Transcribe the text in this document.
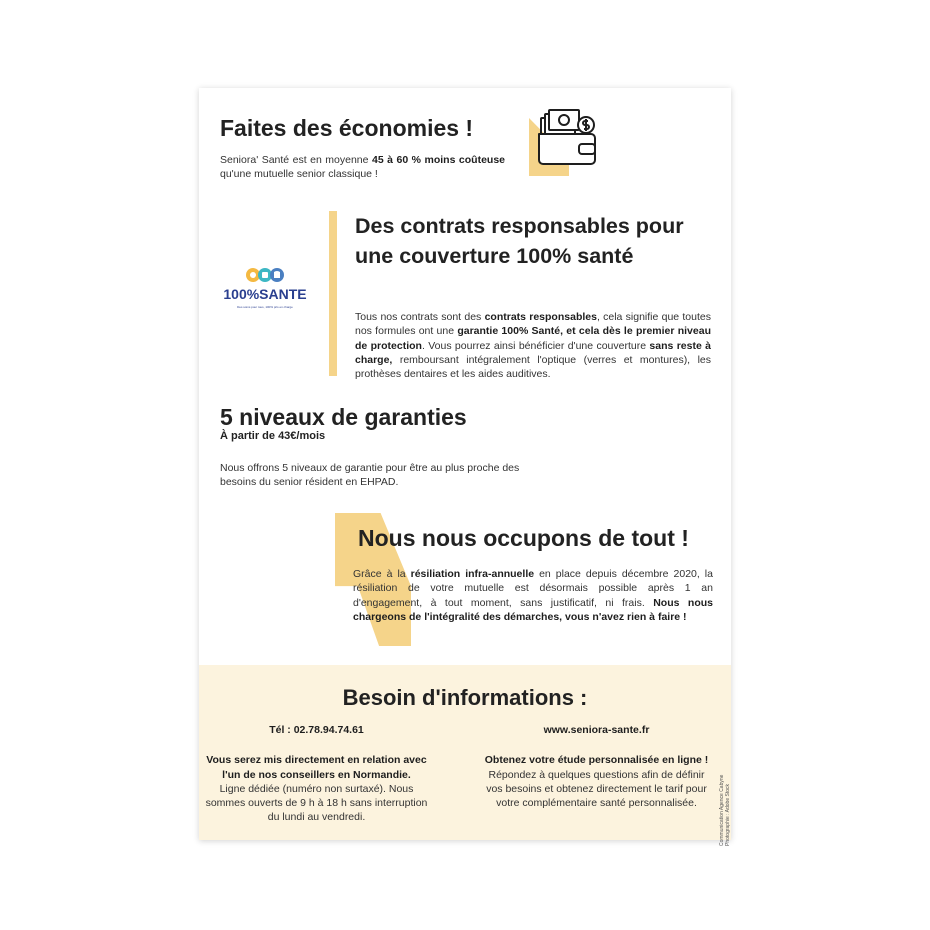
Faites des économies !

Seniora' Santé est en moyenne 45 à 60 % moins coûteuse qu'une mutuelle senior classique !

100%SANTE
Des soins pour tous, 100% pris en charge
Des contrats responsables pour une couverture 100% santé

Tous nos contrats sont des contrats responsables, cela signifie que toutes nos formules ont une garantie 100% Santé, et cela dès le premier niveau de protection. Vous pourrez ainsi bénéficier d'une couverture sans reste à charge, remboursant intégralement l'optique (verres et montures), les prothèses dentaires et les aides auditives.

5 niveaux de garanties

À partir de 43€/mois

Nous offrons 5 niveaux de garantie pour être au plus proche des besoins du senior résident en EHPAD.

Nous nous occupons de tout !

Grâce à la résiliation infra-annuelle en place depuis décembre 2020, la résiliation de votre mutuelle est désormais possible après 1 an d'engagement, à tout moment, sans justificatif, ni frais. Nous nous chargeons de l'intégralité des démarches, vous n'avez rien à faire !

Besoin d'informations :

Tél : 02.78.94.74.61

Vous serez mis directement en relation avec l'un de nos conseillers en Normandie.

Ligne dédiée (numéro non surtaxé). Nous sommes ouverts de 9 h à 18 h sans interruption du lundi au vendredi.

www.seniora-sante.fr

Obtenez votre étude personnalisée en ligne ! Répondez à quelques questions afin de définir vos besoins et obtenez directement le tarif pour votre complémentaire santé personnalisée.	Communication Agence Cabyne Photographie : Adobe Stock
